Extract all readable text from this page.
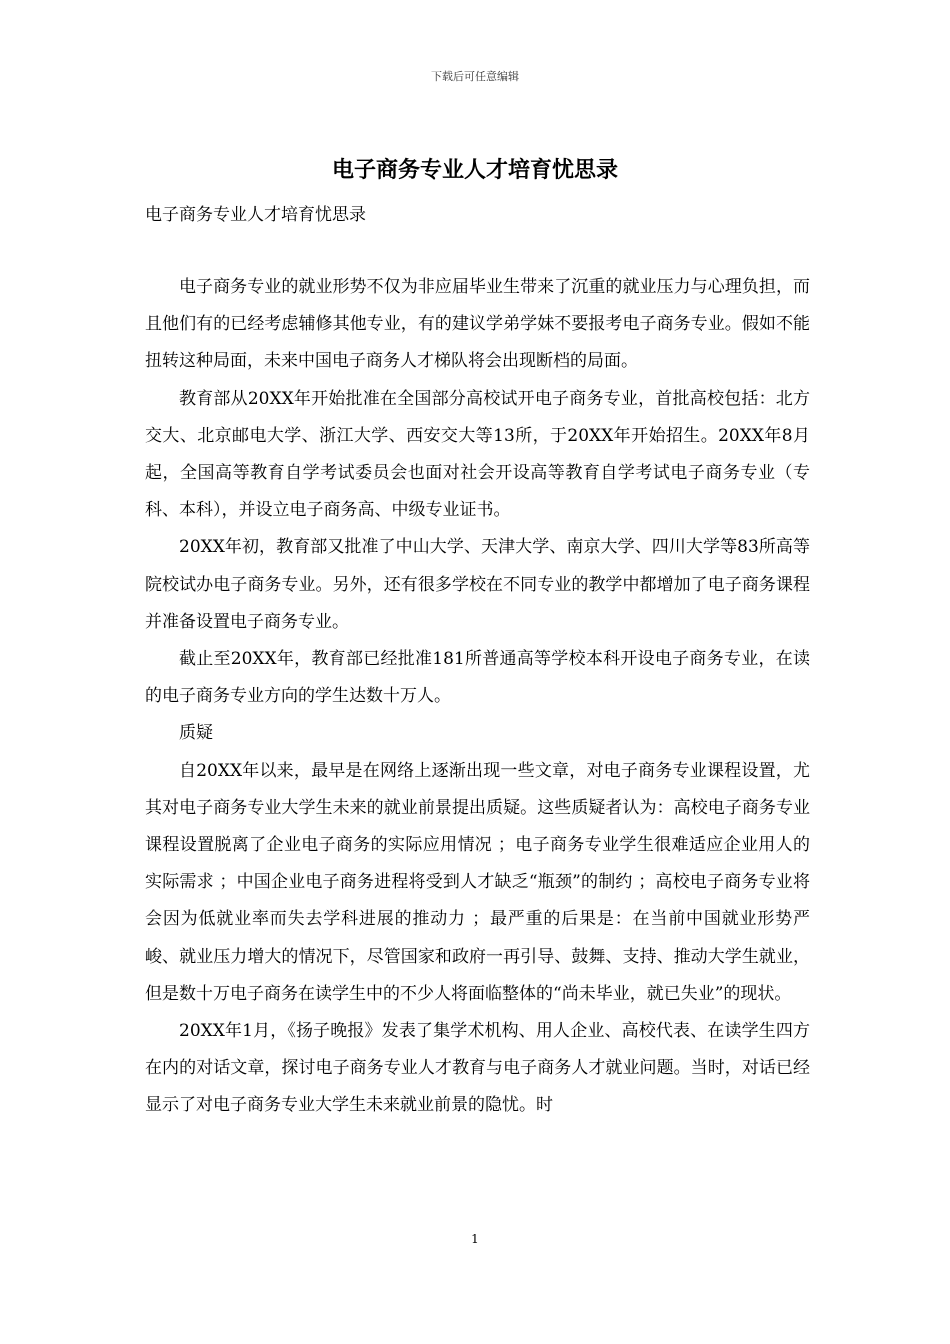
下载后可任意编辑
电子商务专业人才培育忧思录
电子商务专业人才培育忧思录

电子商务专业的就业形势不仅为非应届毕业生带来了沉重的就业压力与心理负担，而且他们有的已经考虑辅修其他专业，有的建议学弟学妹不要报考电子商务专业。假如不能扭转这种局面，未来中国电子商务人才梯队将会出现断档的局面。

教育部从20XX年开始批准在全国部分高校试开电子商务专业，首批高校包括：北方交大、北京邮电大学、浙江大学、西安交大等13所，于20XX年开始招生。20XX年8月起，全国高等教育自学考试委员会也面对社会开设高等教育自学考试电子商务专业（专科、本科），并设立电子商务高、中级专业证书。

20XX年初，教育部又批准了中山大学、天津大学、南京大学、四川大学等83所高等院校试办电子商务专业。另外，还有很多学校在不同专业的教学中都增加了电子商务课程并准备设置电子商务专业。

截止至20XX年，教育部已经批准181所普通高等学校本科开设电子商务专业，在读的电子商务专业方向的学生达数十万人。

质疑

自20XX年以来，最早是在网络上逐渐出现一些文章，对电子商务专业课程设置，尤其对电子商务专业大学生未来的就业前景提出质疑。这些质疑者认为：高校电子商务专业课程设置脱离了企业电子商务的实际应用情况 ；电子商务专业学生很难适应企业用人的实际需求 ；中国企业电子商务进程将受到人才缺乏“瓶颈”的制约 ；高校电子商务专业将会因为低就业率而失去学科进展的推动力 ；最严重的后果是：在当前中国就业形势严峻、就业压力增大的情况下，尽管国家和政府一再引导、鼓舞、支持、推动大学生就业，但是数十万电子商务在读学生中的不少人将面临整体的“尚未毕业，就已失业”的现状。

20XX年1月，《扬子晚报》发表了集学术机构、用人企业、高校代表、在读学生四方在内的对话文章，探讨电子商务专业人才教育与电子商务人才就业问题。当时，对话已经显示了对电子商务专业大学生未来就业前景的隐忧。时

1
